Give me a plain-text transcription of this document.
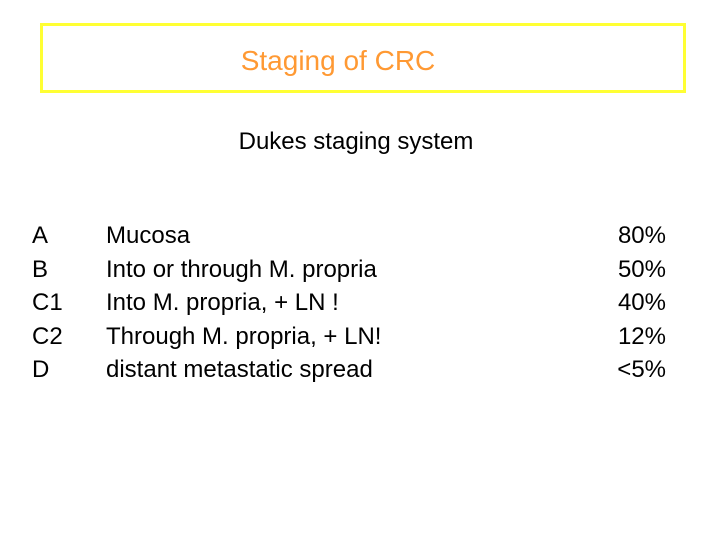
Staging of CRC
Dukes staging system
A
B
C1
C2
D
Mucosa
Into or through M. propria
Into M. propria, + LN !
Through M. propria, + LN!
distant metastatic spread
80%
50%
40%
12%
<5%
